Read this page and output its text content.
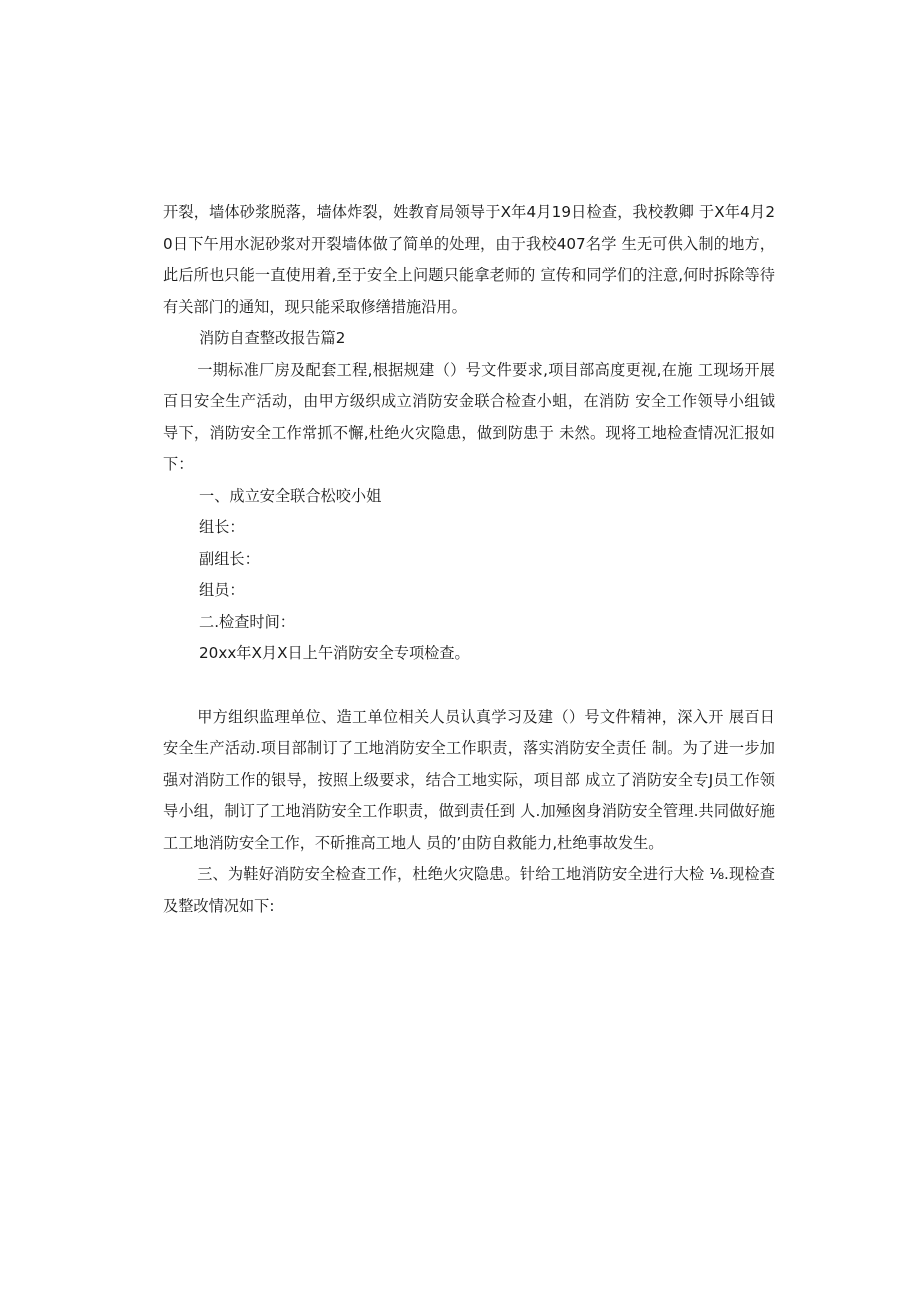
开裂，墙体砂浆脱落，墙体炸裂，姓教育局领导于X年4月19日检查，我校教卿 于X年4月20日下午用水泥砂浆对开裂墙体做了简单的处理，由于我校407名学 生无可供入制的地方，此后所也只能一直使用着,至于安全上问题只能拿老师的 宣传和同学们的注意,何时拆除等待有关部门的通知，现只能采取修缮措施沿用。

消防自查整改报告篇2

一期标准厂房及配套工程,根据规建（）号文件要求,项目部高度更视,在施 工现场开展百日安全生产活动，由甲方级织成立消防安金联合检查小蛆，在消防 安全工作领导小组钺导下，消防安全工作常抓不懈,杜绝火灾隐患，做到防患于 未然。现将工地检查情况汇报如下：

一、成立安全联合松咬小姐

组长：

副组长：

组员：

二.检查时间：

20xx年X月X日上午消防安全专项检查。

甲方组织监理单位、造工单位相关人员认真学习及建（）号文件精神，深入开 展百日安全生产活动.项目部制订了工地消防安全工作职责，落实消防安全责任 制。为了进一步加强对消防工作的银导，按照上级要求，结合工地实际，项目部 成立了消防安全专J员工作领导小组，制订了工地消防安全工作职责，做到责任到 人.加殛囪身消防安全管理.共同做好施工工地消防安全工作，不斫推高工地人 员的’由防自救能力,杜绝事故发生。

三、为鞋好消防安全检查工作，杜绝火灾隐患。针给工地消防安全进行大检 ⅛.现检查及整改情况如下:
